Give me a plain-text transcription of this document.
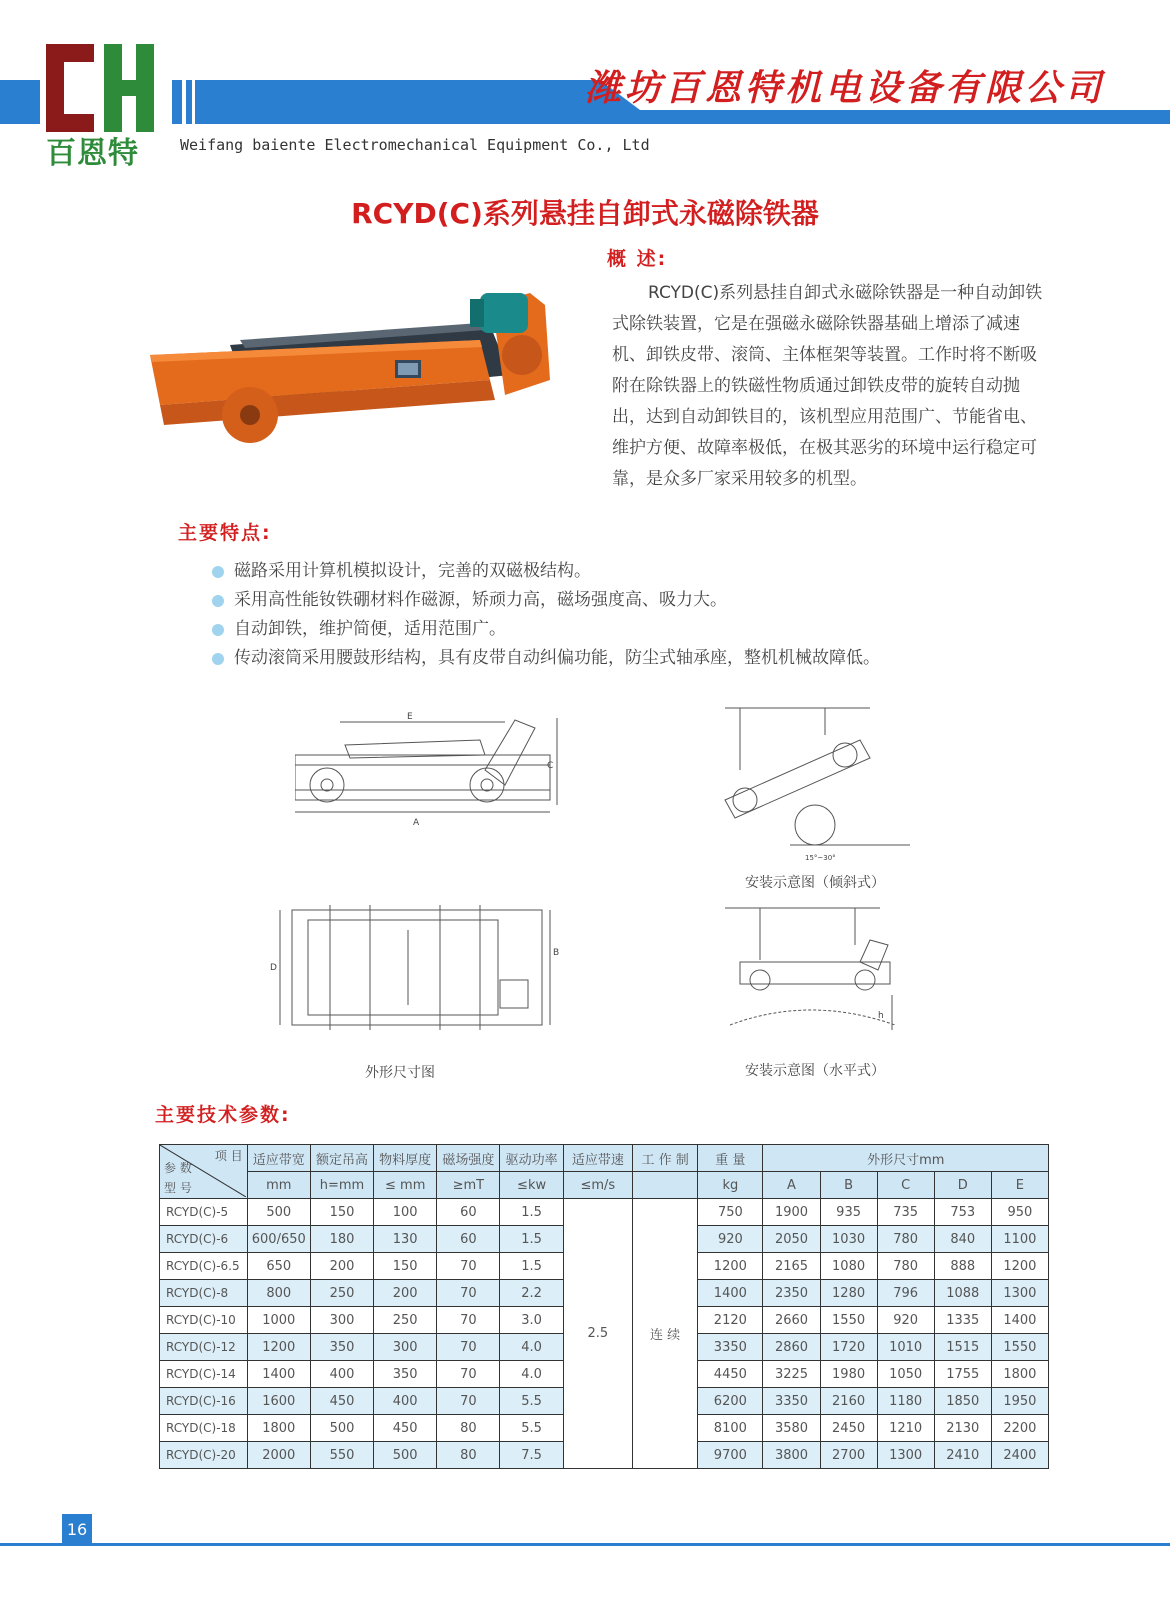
百恩特
潍坊百恩特机电设备有限公司
Weifang baiente Electromechanical Equipment Co., Ltd
RCYD(C)系列悬挂自卸式永磁除铁器
概 述:
RCYD(C)系列悬挂自卸式永磁除铁器是一种自动卸铁式除铁装置，它是在强磁永磁除铁器基础上增添了减速机、卸铁皮带、滚筒、主体框架等装置。工作时将不断吸附在除铁器上的铁磁性物质通过卸铁皮带的旋转自动抛出，达到自动卸铁目的，该机型应用范围广、节能省电、维护方便、故障率极低，在极其恶劣的环境中运行稳定可靠，是众多厂家采用较多的机型。
主要特点:
磁路采用计算机模拟设计，完善的双磁极结构。
采用高性能钕铁硼材料作磁源，矫顽力高，磁场强度高、吸力大。
自动卸铁，维护简便，适用范围广。
传动滚筒采用腰鼓形结构，具有皮带自动纠偏功能，防尘式轴承座，整机机械故障低。
E
C
A
D
B
外形尺寸图
15°~30°
安装示意图（倾斜式）
h
安装示意图（水平式）
主要技术参数:
项 目
参 数
型 号	适应带宽	额定吊高	物料厚度	磁场强度	驱动功率	适应带速	工 作 制	重 量	外形尺寸mm				
	mm	h=mm	≤ mm	≥mT	≤kw	≤m/s		kg	A	B	C	D	E
RCYD(C)-5	500	150	100	60	1.5	2.5	连 续	750	1900	935	735	753	950
RCYD(C)-6	600/650	180	130	60	1.5			920	2050	1030	780	840	1100
RCYD(C)-6.5	650	200	150	70	1.5			1200	2165	1080	780	888	1200
RCYD(C)-8	800	250	200	70	2.2			1400	2350	1280	796	1088	1300
RCYD(C)-10	1000	300	250	70	3.0			2120	2660	1550	920	1335	1400
RCYD(C)-12	1200	350	300	70	4.0			3350	2860	1720	1010	1515	1550
RCYD(C)-14	1400	400	350	70	4.0			4450	3225	1980	1050	1755	1800
RCYD(C)-16	1600	450	400	70	5.5			6200	3350	2160	1180	1850	1950
RCYD(C)-18	1800	500	450	80	5.5			8100	3580	2450	1210	2130	2200
RCYD(C)-20	2000	550	500	80	7.5			9700	3800	2700	1300	2410	2400
16
